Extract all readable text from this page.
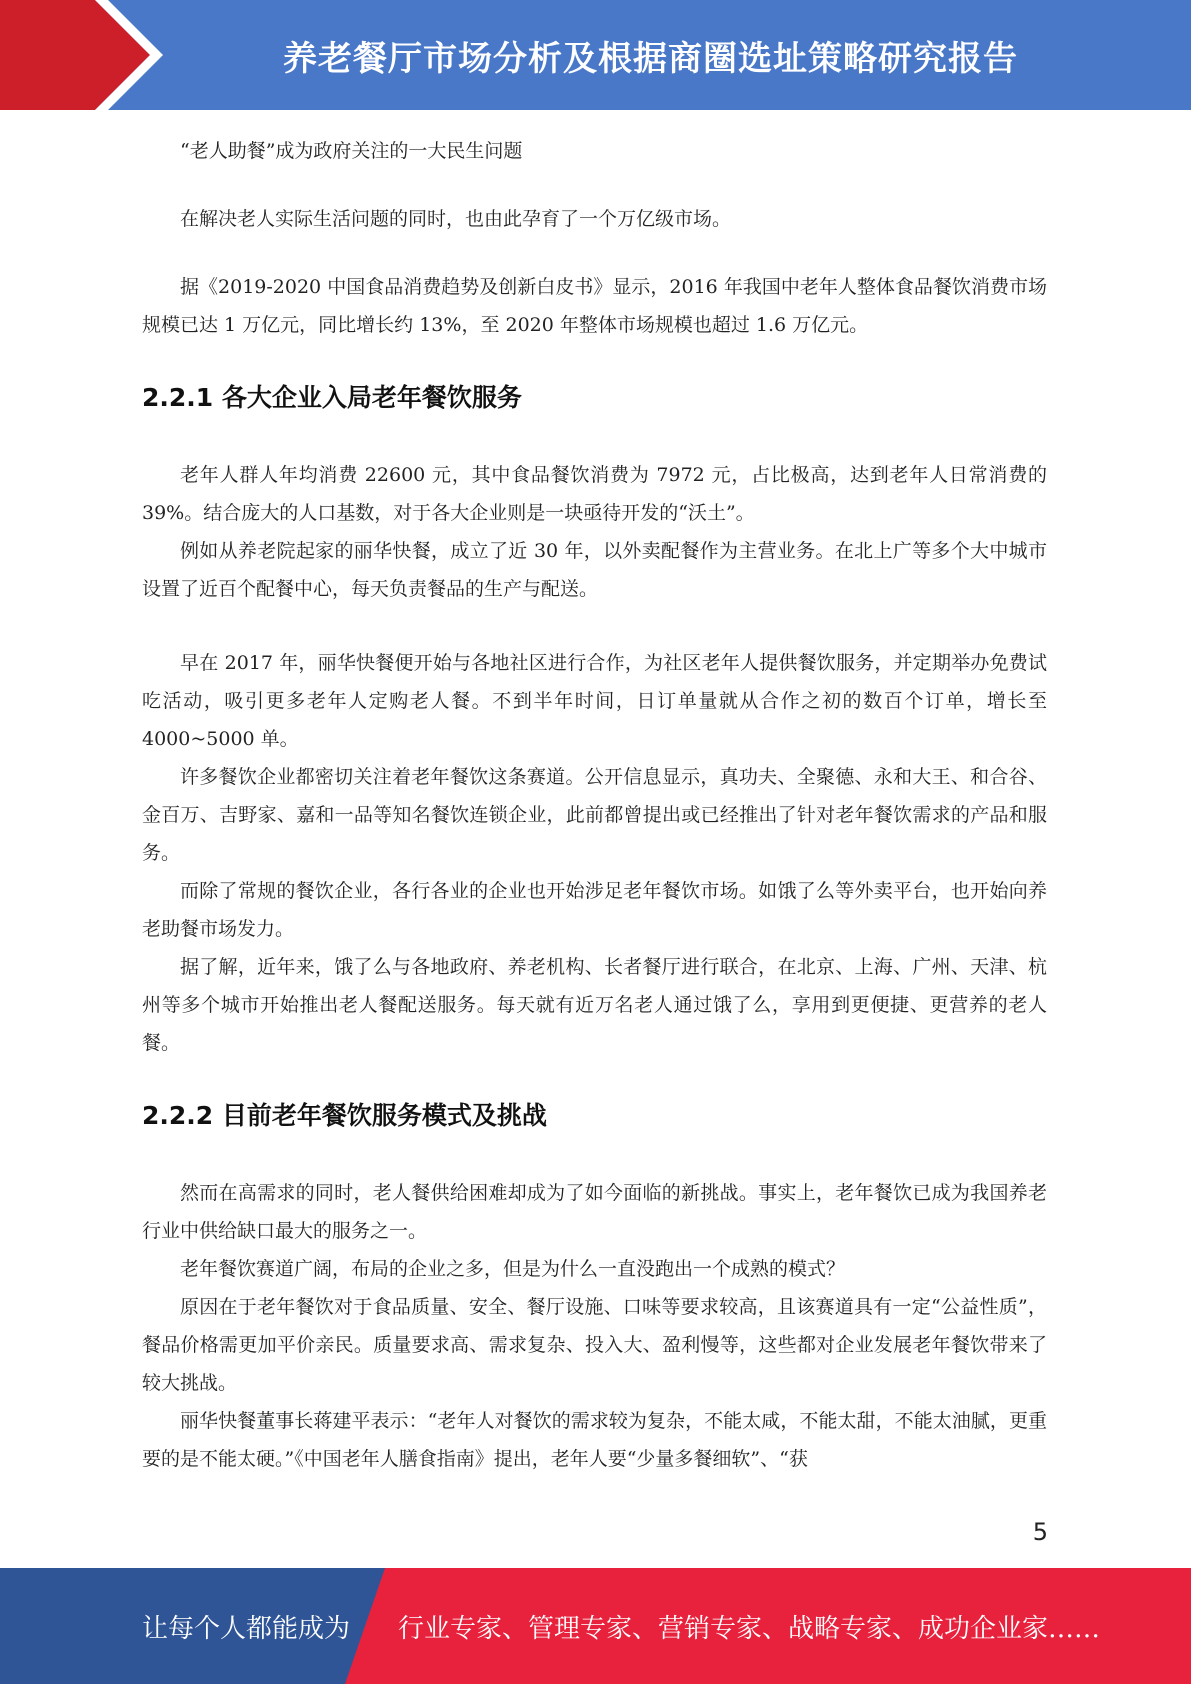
养老餐厅市场分析及根据商圈选址策略研究报告

“老人助餐”成为政府关注的一大民生问题

在解决老人实际生活问题的同时，也由此孕育了一个万亿级市场。

据《2019-2020 中国食品消费趋势及创新白皮书》显示，2016 年我国中老年人整体食品餐饮消费市场规模已达 1 万亿元，同比增长约 13%，至 2020 年整体市场规模也超过 1.6 万亿元。

2.2.1 各大企业入局老年餐饮服务

老年人群人年均消费 22600 元，其中食品餐饮消费为 7972 元，占比极高，达到老年人日常消费的 39%。结合庞大的人口基数，对于各大企业则是一块亟待开发的“沃土”。

例如从养老院起家的丽华快餐，成立了近 30 年，以外卖配餐作为主营业务。在北上广等多个大中城市设置了近百个配餐中心，每天负责餐品的生产与配送。

早在 2017 年，丽华快餐便开始与各地社区进行合作，为社区老年人提供餐饮服务，并定期举办免费试吃活动，吸引更多老年人定购老人餐。不到半年时间，日订单量就从合作之初的数百个订单，增长至 4000~5000 单。

许多餐饮企业都密切关注着老年餐饮这条赛道。公开信息显示，真功夫、全聚德、永和大王、和合谷、金百万、吉野家、嘉和一品等知名餐饮连锁企业，此前都曾提出或已经推出了针对老年餐饮需求的产品和服务。

而除了常规的餐饮企业，各行各业的企业也开始涉足老年餐饮市场。如饿了么等外卖平台，也开始向养老助餐市场发力。

据了解，近年来，饿了么与各地政府、养老机构、长者餐厅进行联合，在北京、上海、广州、天津、杭州等多个城市开始推出老人餐配送服务。每天就有近万名老人通过饿了么，享用到更便捷、更营养的老人餐。

2.2.2 目前老年餐饮服务模式及挑战

然而在高需求的同时，老人餐供给困难却成为了如今面临的新挑战。事实上，老年餐饮已成为我国养老行业中供给缺口最大的服务之一。

老年餐饮赛道广阔，布局的企业之多，但是为什么一直没跑出一个成熟的模式？

原因在于老年餐饮对于食品质量、安全、餐厅设施、口味等要求较高，且该赛道具有一定“公益性质”，餐品价格需更加平价亲民。质量要求高、需求复杂、投入大、盈利慢等，这些都对企业发展老年餐饮带来了较大挑战。

丽华快餐董事长蒋建平表示：“老年人对餐饮的需求较为复杂，不能太咸，不能太甜，不能太油腻，更重要的是不能太硬。”《中国老年人膳食指南》提出，老年人要“少量多餐细软”、“获

5
让每个人都能成为 行业专家、管理专家、营销专家、战略专家、成功企业家……
